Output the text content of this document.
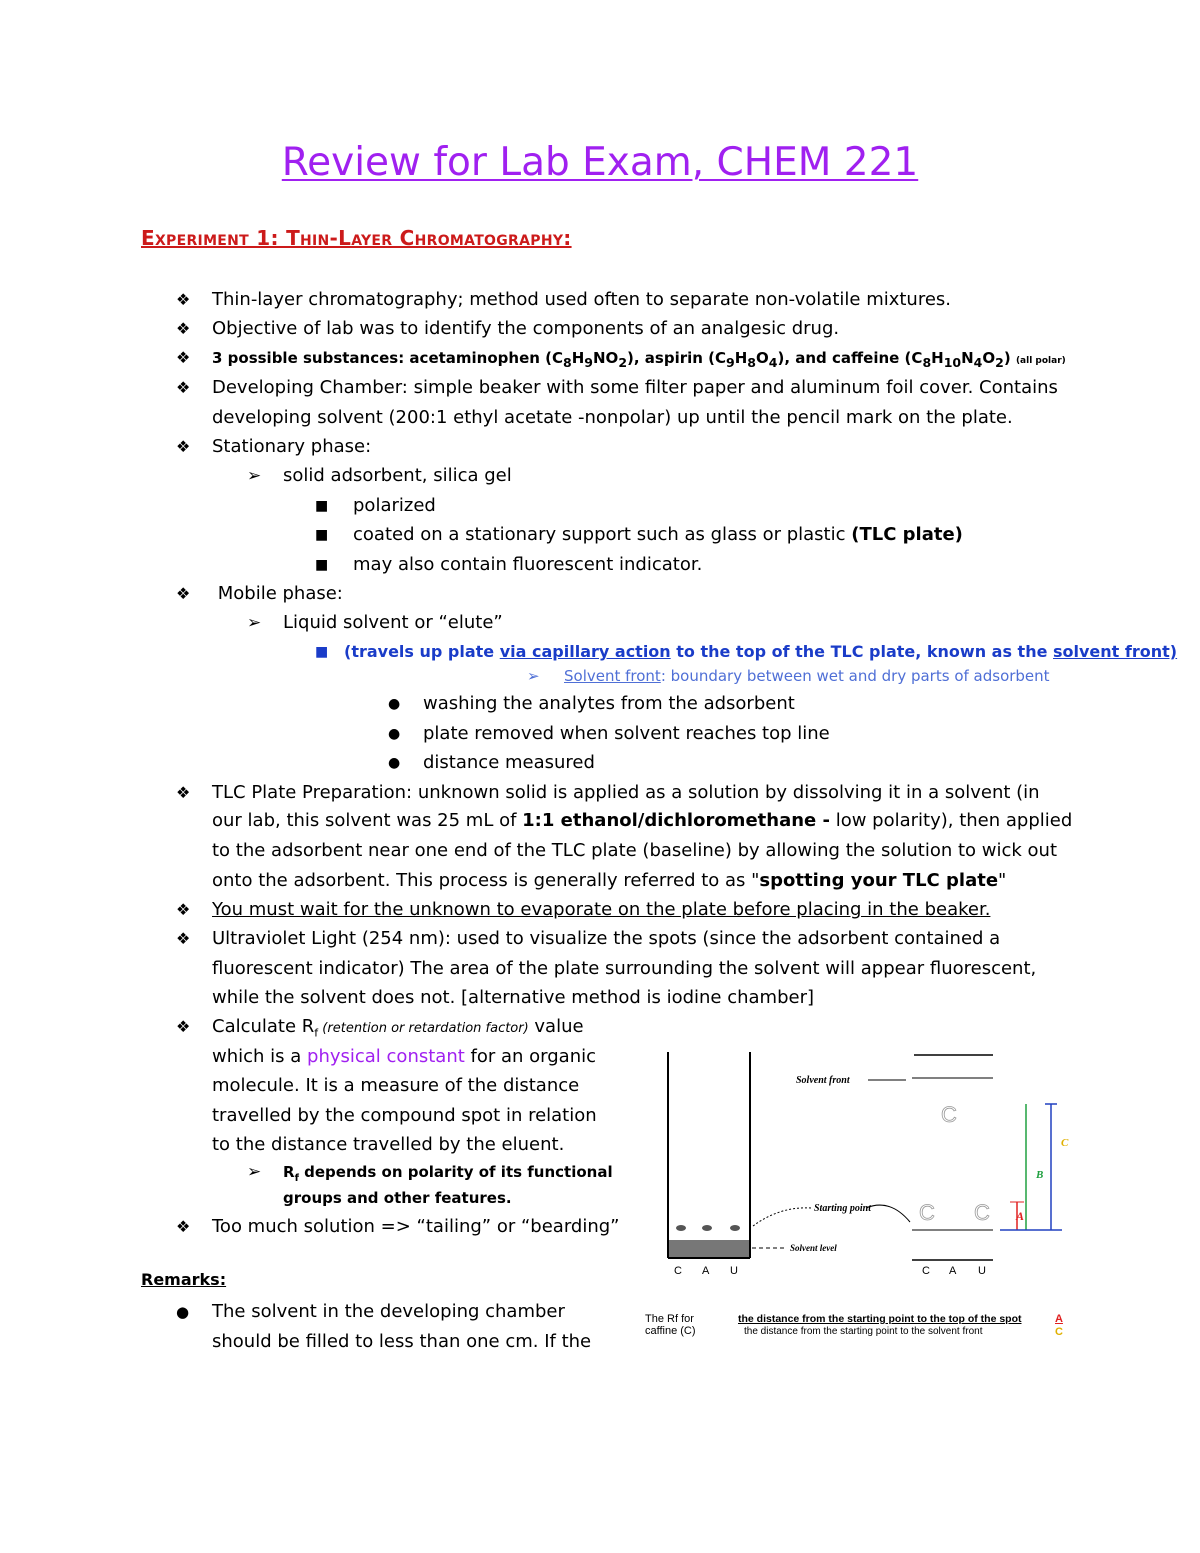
Review for Lab Exam, CHEM 221
Experiment 1: Thin-Layer Chromatography:
❖ Thin-layer chromatography; method used often to separate non-volatile mixtures.
❖ Objective of lab was to identify the components of an analgesic drug.
❖ 3 possible substances: acetaminophen $(C_8H_9NO_2)$, aspirin $(C_9H_8O_4)$, and caffeine $(C_8H_{10}N_4O_2)$ (all polar)
❖ Developing Chamber: simple beaker with some filter paper and aluminum foil cover. Contains
developing solvent (200:1 ethyl acetate -nonpolar) up until the pencil mark on the plate.
❖ Stationary phase:
➢ solid adsorbent, silica gel
■ polarized
■ coated on a stationary support such as glass or plastic (TLC plate)
■ may also contain fluorescent indicator.
❖ Mobile phase:
➢ Liquid solvent or “elute”
■ (travels up plate via capillary action to the top of the TLC plate, known as the solvent front)
➢ Solvent front: boundary between wet and dry parts of adsorbent
● washing the analytes from the adsorbent
● plate removed when solvent reaches top line
● distance measured
❖ TLC Plate Preparation: unknown solid is applied as a solution by dissolving it in a solvent (in
our lab, this solvent was 25 mL of 1:1 ethanol/dichloromethane - low polarity), then applied
to the adsorbent near one end of the TLC plate (baseline) by allowing the solution to wick out
onto the adsorbent. This process is generally referred to as "spotting your TLC plate"
❖ You must wait for the unknown to evaporate on the plate before placing in the beaker.
❖ Ultraviolet Light (254 nm): used to visualize the spots (since the adsorbent contained a
fluorescent indicator) The area of the plate surrounding the solvent will appear fluorescent,
while the solvent does not. [alternative method is iodine chamber]
❖ Calculate $R_f$ (retention or retardation factor) value
which is a physical constant for an organic
molecule. It is a measure of the distance
travelled by the compound spot in relation
to the distance travelled by the eluent.
➢ $R_f$ depends on polarity of its functional
groups and other features.
❖ Too much solution => “tailing” or “bearding”
Remarks:
● The solvent in the developing chamber
should be filled to less than one cm. If the
Solvent front
Starting point
Solvent level
C
C C A
B
C
C A U	C A U
The Rf for
caffine (C)
the distance from the starting point to the top of the spot
the distance from the starting point to the solvent front
A
C
